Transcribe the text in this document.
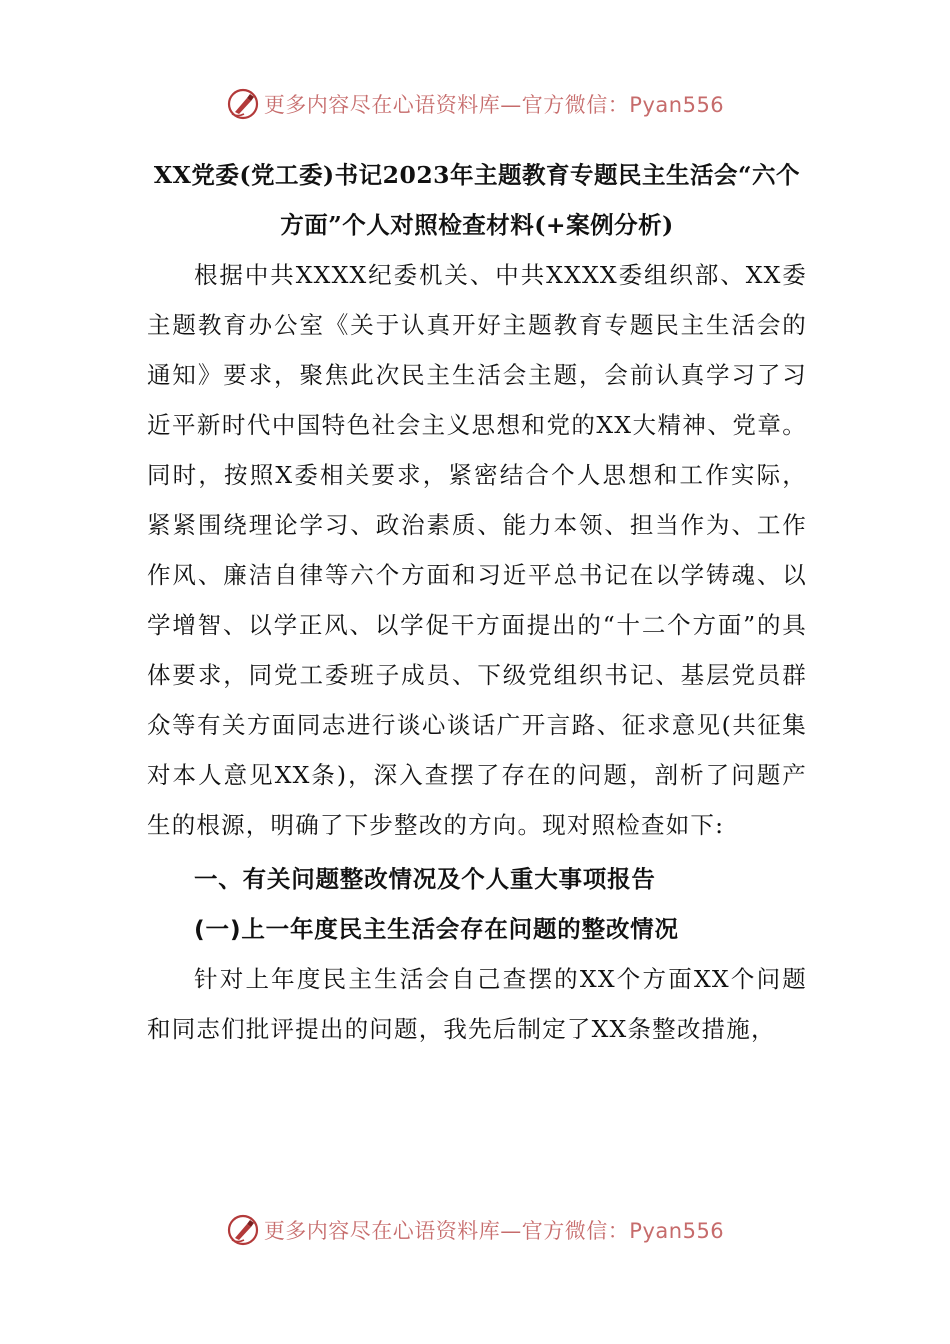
更多内容尽在心语资料库—官方微信：Pyan556
XX党委(党工委)书记2023年主题教育专题民主生活会“六个方面”个人对照检查材料(+案例分析)

根据中共XXXX纪委机关、中共XXXX委组织部、XX委主题教育办公室《关于认真开好主题教育专题民主生活会的通知》要求，聚焦此次民主生活会主题，会前认真学习了习近平新时代中国特色社会主义思想和党的XX大精神、党章。同时，按照X委相关要求，紧密结合个人思想和工作实际，紧紧围绕理论学习、政治素质、能力本领、担当作为、工作作风、廉洁自律等六个方面和习近平总书记在以学铸魂、以学增智、以学正风、以学促干方面提出的“十二个方面”的具体要求，同党工委班子成员、下级党组织书记、基层党员群众等有关方面同志进行谈心谈话广开言路、征求意见(共征集对本人意见XX条)，深入查摆了存在的问题，剖析了问题产生的根源，明确了下步整改的方向。现对照检查如下:

一、有关问题整改情况及个人重大事项报告
(一)上一年度民主生活会存在问题的整改情况

针对上年度民主生活会自己查摆的XX个方面XX个问题和同志们批评提出的问题，我先后制定了XX条整改措施，

更多内容尽在心语资料库—官方微信：Pyan556
